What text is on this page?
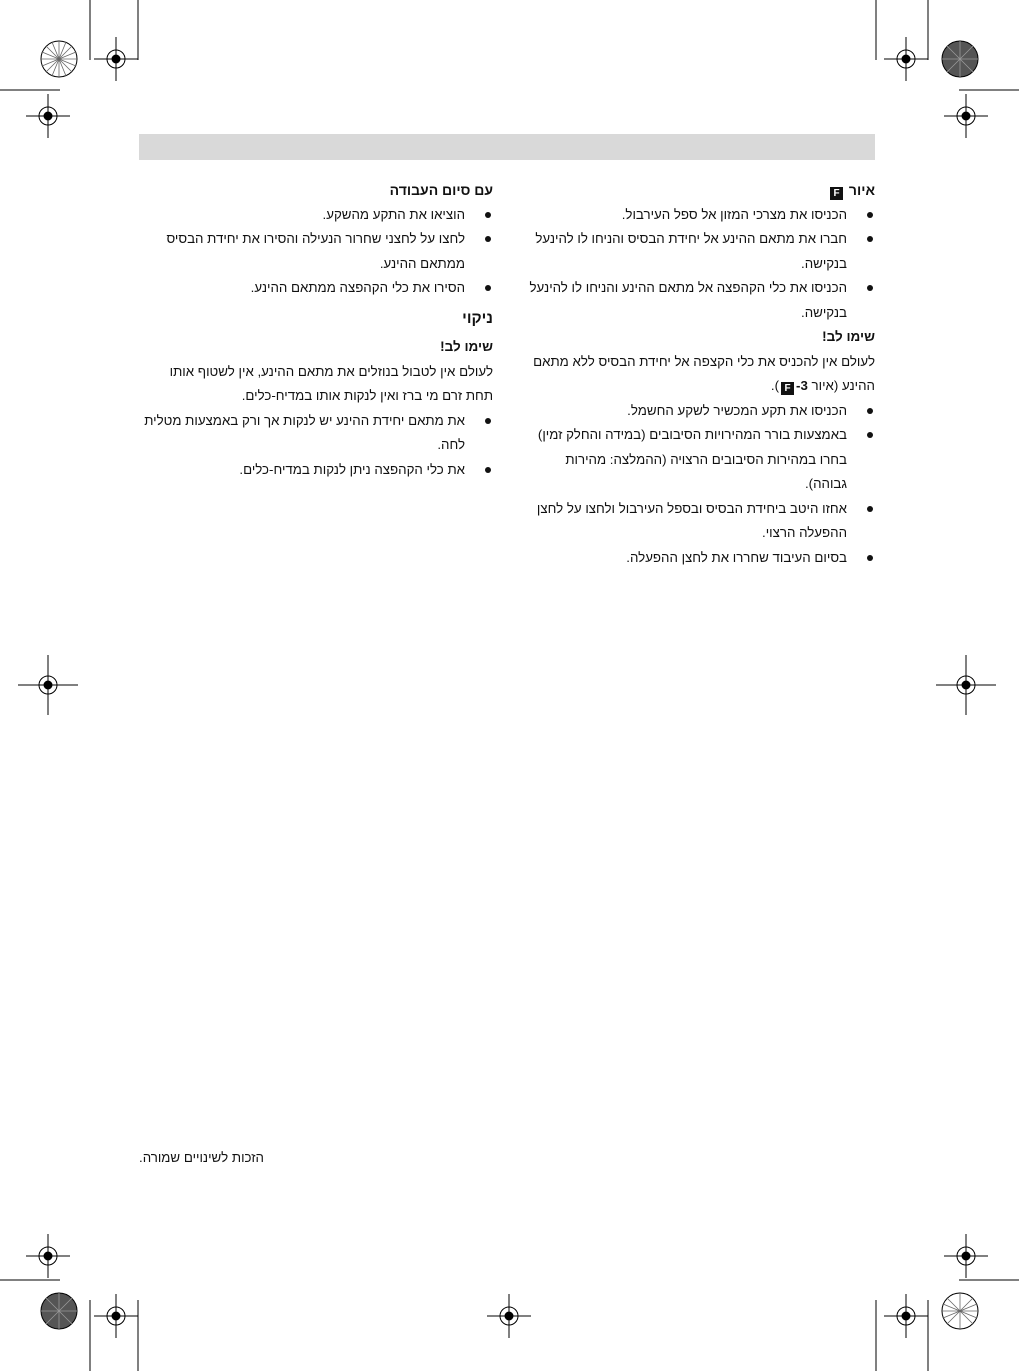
איור F

הכניסו את מצרכי המזון אל ספל העירבול.
חברו את מתאם ההינע אל יחידת הבסיס והניחו לו להינעל בנקישה.
הכניסו את כלי הקהפצה אל מתאם ההינע והניחו לו להינעל בנקישה.

שימו לב!

לעולם אין להכניס את כלי הקצפה אל יחידת הבסיס ללא מתאם ההינע (איור 3-F).

הכניסו את תקע המכשיר לשקע החשמל.
באמצעות בורר המהירויות הסיבובים (במידה והחלק זמין) בחרו במהירות הסיבובים הרצויה (ההמלצה: מהירות גבוהה).
אחזו היטב ביחידת הבסיס ובספל העירבול ולחצו על לחצן ההפעלה הרצוי.
בסיום העיבוד שחררו את לחצן ההפעלה.

עם סיום העבודה

הוציאו את התקע מהשקע.
לחצו על לחצני שחרור הנעילה והסירו את יחידת הבסיס ממתאם ההינע.
הסירו את כלי הקהפצה ממתאם ההינע.

ניקוי

שימו לב!

לעולם אין לטבול בנוזלים את מתאם ההינע, אין לשטוף אותו תחת זרם מי ברז ואין לנקות אותו במדיח-כלים.

את מתאם יחידת ההינע יש לנקות אך ורק באמצעות מטלית לחה.
את כלי הקהפצה ניתן לנקות במדיח-כלים.
הזכות לשינויים שמורה.
